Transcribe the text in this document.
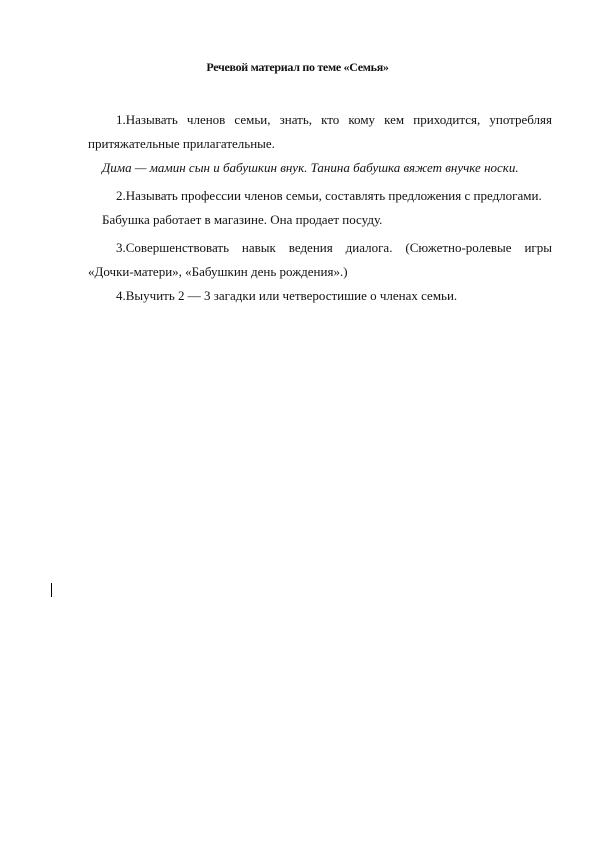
Речевой материал по теме «Семья»

1.Называть членов семьи, знать, кто кому кем приходится, употребляя притяжательные прилагательные.

Дима — мамин сын и бабушкин внук. Танина бабушка вяжет внучке носки.

2.Называть профессии членов семьи, составлять предложения с предлогами.

Бабушка работает в магазине. Она продает посуду.

3.Совершенствовать навык ведения диалога. (Сюжетно-ролевые игры «Дочки-матери», «Бабушкин день рождения».)

4.Выучить 2 — 3 загадки или четверостишие о членах семьи.
